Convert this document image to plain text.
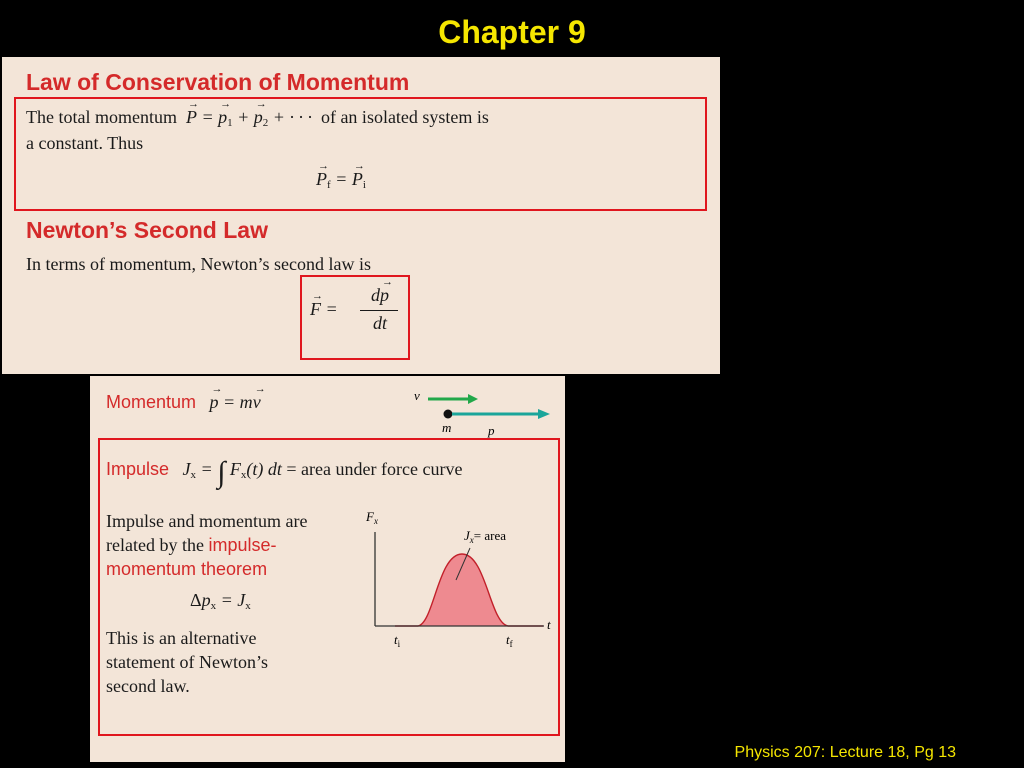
Chapter 9
Law of Conservation of Momentum
The total momentum → P = → $p_1$ + → $p_2$ + · · ·  of an isolated system is
a constant. Thus
→ $P_f$ = → $P_i$
Newton’s Second Law
In terms of momentum, Newton’s second law is
→ F =
d→ p
dt
Momentum → p = m→ v	v
m	p
Impulse   $J_x$ = ∫ $F_x(t)$ dt = area under force curve
Impulse and momentum are
related by the impulse-
momentum theorem
$\Delta p_x = J_x$
This is an alternative
statement of Newton’s
second law.
$F_x$
t
$J_x=$ area
$t_i$	$t_f$
Physics 207: Lecture 18, Pg 13
